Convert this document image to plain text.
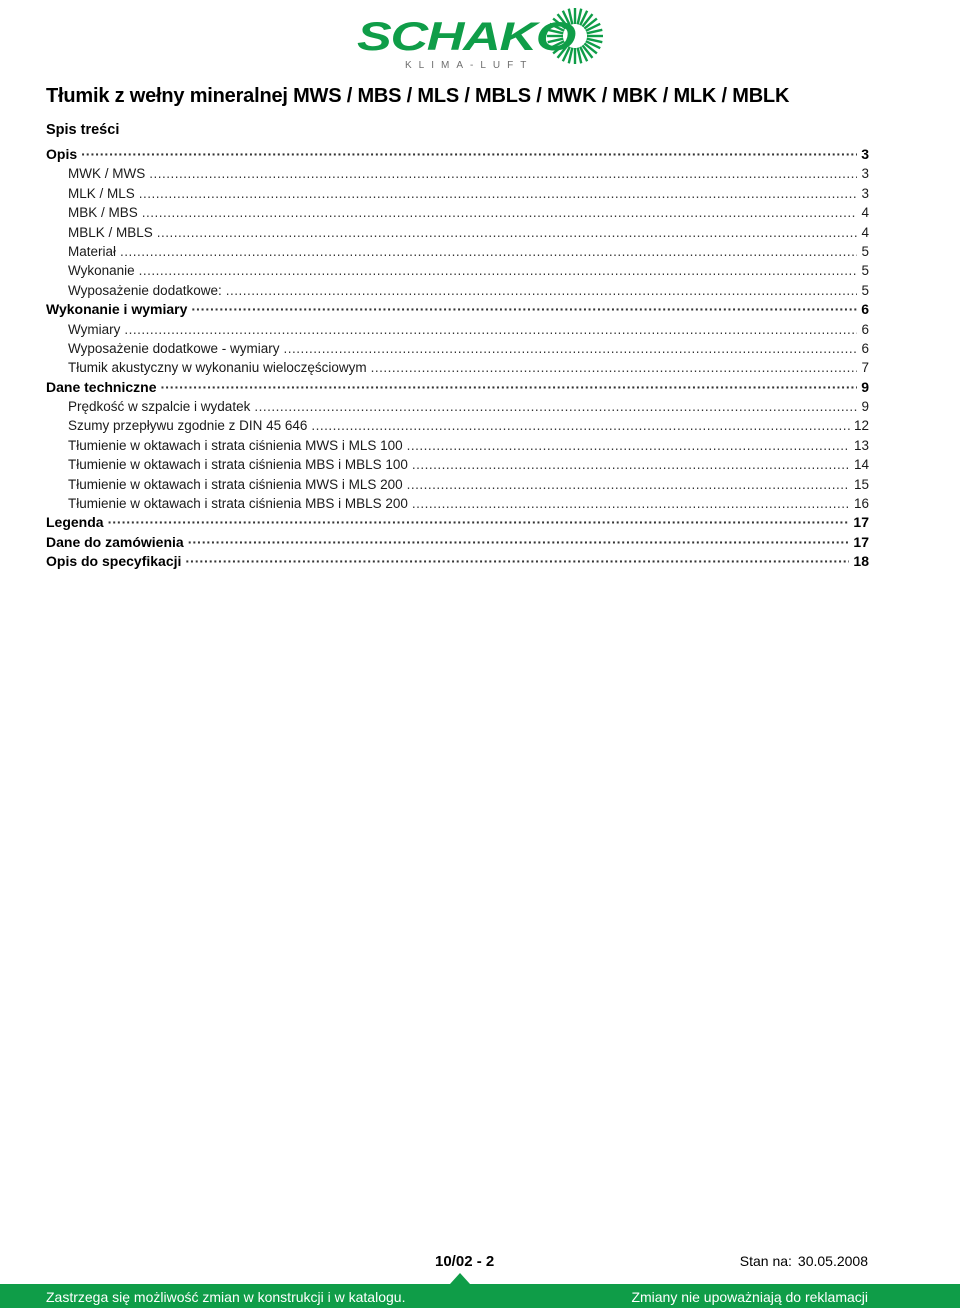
SCHAKO
KLIMA-LUFT
Tłumik z wełny mineralnej MWS / MBS / MLS / MBLS / MWK / MBK / MLK / MBLK
Spis treści
Opis ·····	3
MWK / MWS .....	3
MLK / MLS .....	3
MBK / MBS .....	4
MBLK / MBLS .....	4
Materiał .....	5
Wykonanie .....	5
Wyposażenie dodatkowe: .....	5
Wykonanie i wymiary ·····	6
Wymiary .....	6
Wyposażenie dodatkowe - wymiary .....	6
Tłumik akustyczny w wykonaniu wieloczęściowym .....	7
Dane techniczne ·····	9
Prędkość w szpalcie i wydatek .....	9
Szumy przepływu zgodnie z DIN 45 646 .....	12
Tłumienie w oktawach i strata ciśnienia MWS i MLS 100 .....	13
Tłumienie w oktawach i strata ciśnienia MBS i MBLS 100 .....	14
Tłumienie w oktawach i strata ciśnienia MWS i MLS 200 .....	15
Tłumienie w oktawach i strata ciśnienia MBS i MBLS 200 .....	16
Legenda ·····	17
Dane do zamówienia ·····	17
Opis do specyfikacji ·····	18
10/02 - 2	Stan na: 30.05.2008
Zastrzega się możliwość zmian w konstrukcji i w katalogu.	Zmiany nie upoważniają do reklamacji
